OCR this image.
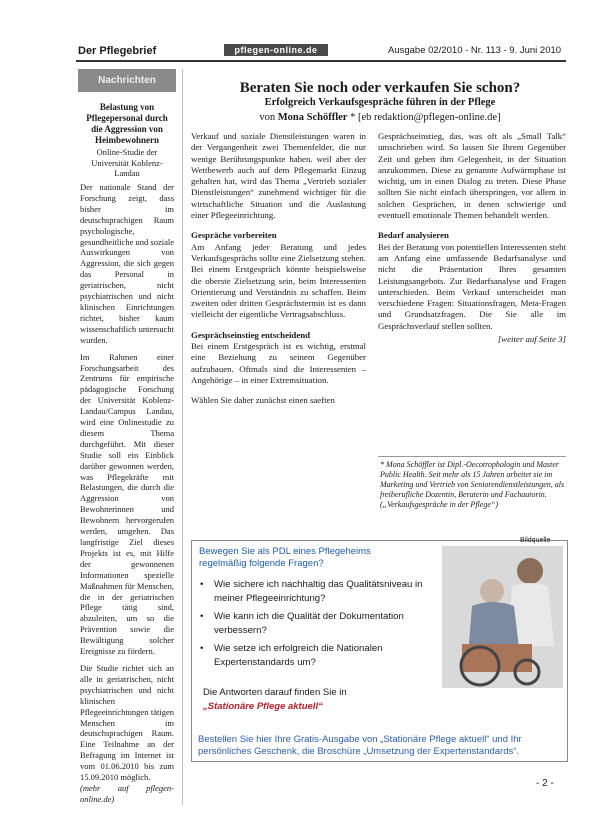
Der Pflegebrief	pflegen-online.de	Ausgabe 02/2010 - Nr. 113 - 9. Juni 2010
Nachrichten
Belastung von Pflegepersonal durch die Aggression von Heimbewohnern
Online-Studie der Universität Koblenz-Landau

Der nationale Stand der Forschung zeigt, dass bisher im deutschsprachigen Raum psychologische, gesundheitliche und soziale Auswirkungen von Aggression, die sich gegen das Personal in geriatrischen, nicht psychiatrischen und nicht klinischen Einrichtungen richtet, bisher kaum wissenschaftlich untersucht wurden.

Im Rahmen einer Forschungsarbeit des Zentrums für empirische pädagogische Forschung der Universität Koblenz-Landau/Campus Landau, wird eine Onlinestudie zu diesem Thema durchgeführt. Mit dieser Studie soll ein Einblick darüber gewonnen werden, was Pflegekräfte mit Belastungen, die durch die Aggression von Bewohnerinnen und Bewohnern hervorgerufen werden, umgehen. Das langfristige Ziel dieses Projekts ist es, mit Hilfe der gewonnenen Informationen spezielle Maßnahmen für Menschen, die in der geriatrischen Pflege tätig sind, abzuleiten, um so die Prävention sowie die Bewältigung solcher Ereignisse zu fördern.

Die Studie richtet sich an alle in geriatrischen, nicht psychiatrischen und nicht klinischen Pflegeeinrichtungen tätigen Menschen im deutschsprachigen Raum. Eine Teilnahme an der Befragung im Internet ist vom 01.06.2010 bis zum 15.09.2010 möglich.

(mehr auf pflegen-online.de)
Beraten Sie noch oder verkaufen Sie schon?
Erfolgreich Verkaufsgespräche führen in der Pflege
von Mona Schöffler * [eb redaktion@pflegen-online.de]

Verkauf und soziale Dienstleistungen waren in der Vergangenheit zwei Themenfelder, die nur wenige Berührungspunkte haben. weil aber der Wettbewerb auch auf dem Pflegemarkt Einzug gehalten hat, wird das Thema „Vertrieb sozialer Dienstleistungen“ zunehmend wichtiger für die wirtschaftliche Situation und die Auslastung einer Pflegeeinrichtung.

Gespräche vorbereiten

Am Anfang jeder Beratung und jedes Verkaufsgesprächs sollte eine Zielsetzung stehen. Bei einem Erstgespräch könnte beispielsweise die oberste Zielsetzung sein, beim Interessenten Orientierung und Verständnis zu schaffen. Beim zweiten oder dritten Gesprächstermin ist es dann vielleicht der eigentliche Vertragsabschluss.

Gesprächseinstieg entscheidend

Bei einem Erstgespräch ist es wichtig, erstmal eine Beziehung zu seinem Gegenüber aufzubauen. Oftmals sind die Interessenten – Angehörige – in einer Extremsituation.

Wählen Sie daher zunächst einen saeften

Gesprächseinstieg, das, was oft als „Small Talk“ umschrieben wird. So lassen Sie Ihrem Gegenüber Zeit und geben ihm Gelegenheit, in der Situation anzukommen. Diese zu genannte Aufwärmphase ist wichtig, um in einen Dialog zu treten. Diese Phase sollten Sie nicht einfach überspringen, vor allem in solchen Gesprächen, in denen schwierige und eventuell emotionale Themen behandelt werden.

Bedarf analysieren

Bei der Beratung von potentiellen Interessenten steht am Anfang eine umfassende Bedarfsanalyse und nicht die Präsentation Ihres gesamten Leistungsangebots. Zur Bedarfsanalyse und Fragen unterschieden. Beim Verkauf unterscheidet man verschiedene Fragen: Situationsfragen, Meta-Fragen und Grundsatzfragen. Die Sie alle im Gesprächsverlauf stellen sollten.

[weiter auf Seite 3]
* Mona Schöffler ist Dipl.-Oecotrophologin und Master Public Health. Seit mehr als 15 Jahren arbeitet sie im Marketing und Vertrieb von Seniorendienstleistungen, als freiberufliche Dozentin, Beraterin und Fachautorin. („Verkaufsgespräche in der Pflege“)
Bildquelle
Bewegen Sie als PDL eines Pflegeheims regelmäßig folgende Fragen?
• Wie sichere ich nachhaltig das Qualitätsniveau in meiner Pflegeeinrichtung?
• Wie kann ich die Qualität der Dokumentation verbessern?
• Wie setze ich erfolgreich die Nationalen Expertenstandards um?
Die Antworten darauf finden Sie in
„Stationäre Pflege aktuell“
Bestellen Sie hier Ihre Gratis-Ausgabe von „Stationäre Pflege aktuell“ und Ihr persönliches Geschenk, die Broschüre „Umsetzung der Expertenstandards“.
- 2 -
